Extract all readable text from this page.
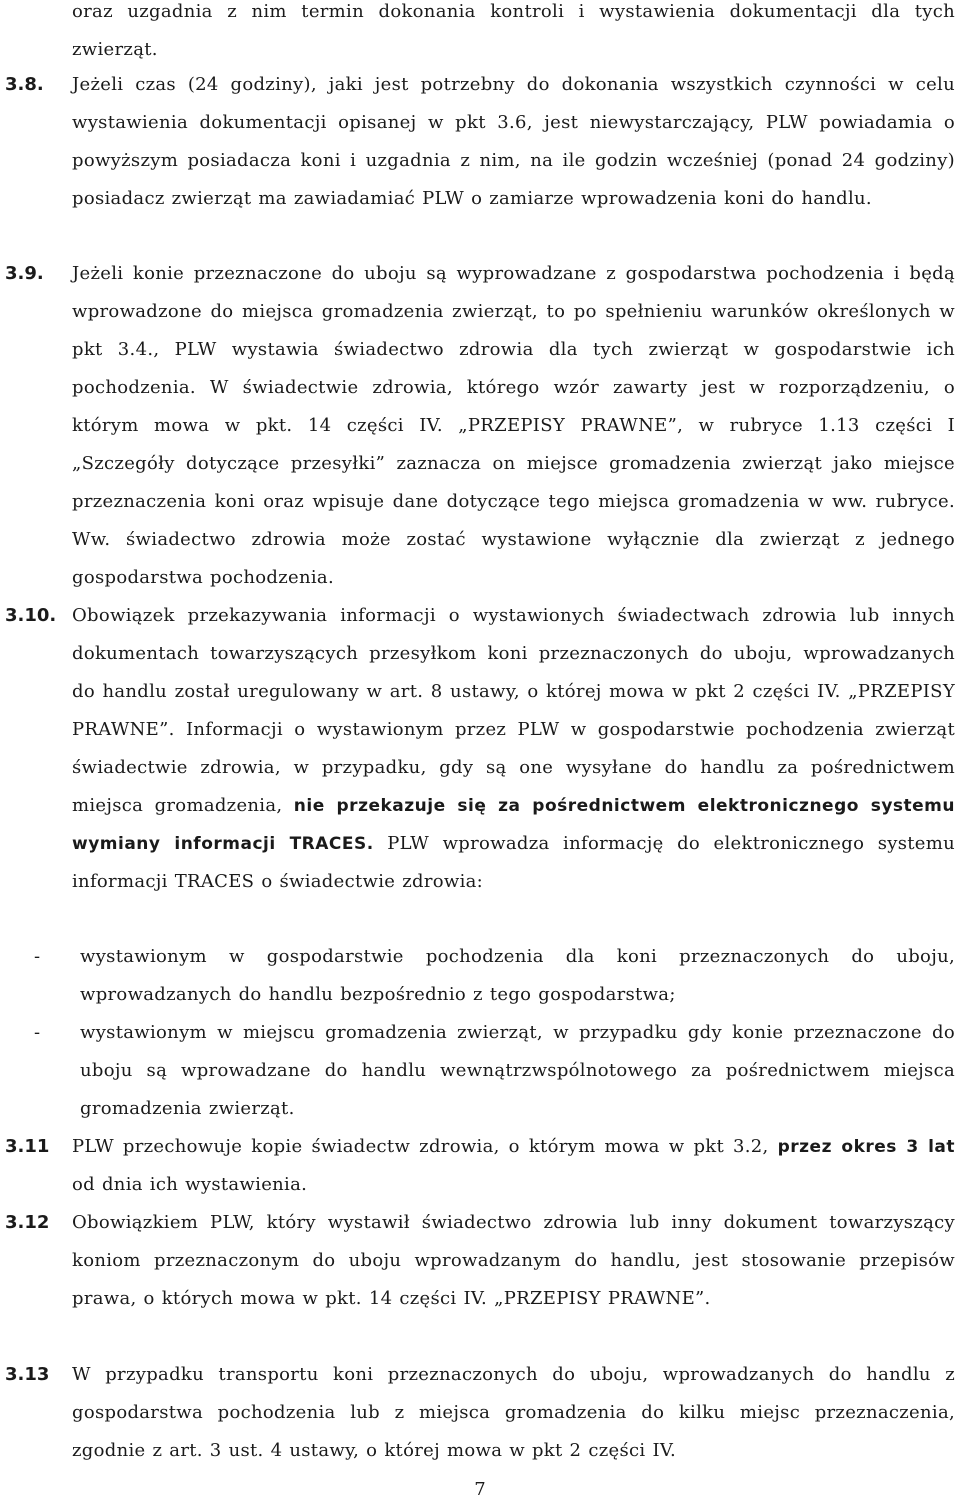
oraz uzgadnia z nim termin dokonania kontroli i wystawienia dokumentacji dla tych zwierząt.
3.8. Jeżeli czas (24 godziny), jaki jest potrzebny do dokonania wszystkich czynności w celu wystawienia dokumentacji opisanej w pkt 3.6, jest niewystarczający, PLW powiadamia o powyższym posiadacza koni i uzgadnia z nim, na ile godzin wcześniej (ponad 24 godziny) posiadacz zwierząt ma zawiadamiać PLW o zamiarze wprowadzenia koni do handlu.
3.9. Jeżeli konie przeznaczone do uboju są wyprowadzane z gospodarstwa pochodzenia i będą wprowadzone do miejsca gromadzenia zwierząt, to po spełnieniu warunków określonych w pkt 3.4., PLW wystawia świadectwo zdrowia dla tych zwierząt w gospodarstwie ich pochodzenia. W świadectwie zdrowia, którego wzór zawarty jest w rozporządzeniu, o którym mowa w pkt. 14 części IV. „PRZEPISY PRAWNE”, w rubryce 1.13 części I „Szczegóły dotyczące przesyłki” zaznacza on miejsce gromadzenia zwierząt jako miejsce przeznaczenia koni oraz wpisuje dane dotyczące tego miejsca gromadzenia w ww. rubryce. Ww. świadectwo zdrowia może zostać wystawione wyłącznie dla zwierząt z jednego gospodarstwa pochodzenia.
3.10. Obowiązek przekazywania informacji o wystawionych świadectwach zdrowia lub innych dokumentach towarzyszących przesyłkom koni przeznaczonych do uboju, wprowadzanych do handlu został uregulowany w art. 8 ustawy, o której mowa w pkt 2 części IV. „PRZEPISY PRAWNE”. Informacji o wystawionym przez PLW w gospodarstwie pochodzenia zwierząt świadectwie zdrowia, w przypadku, gdy są one wysyłane do handlu za pośrednictwem miejsca gromadzenia, nie przekazuje się za pośrednictwem elektronicznego systemu wymiany informacji TRACES. PLW wprowadza informację do elektronicznego systemu informacji TRACES o świadectwie zdrowia:
- wystawionym w gospodarstwie pochodzenia dla koni przeznaczonych do uboju, wprowadzanych do handlu bezpośrednio z tego gospodarstwa;
- wystawionym w miejscu gromadzenia zwierząt, w przypadku gdy konie przeznaczone do uboju są wprowadzane do handlu wewnątrzwspólnotowego za pośrednictwem miejsca gromadzenia zwierząt.
3.11 PLW przechowuje kopie świadectw zdrowia, o którym mowa w pkt 3.2, przez okres 3 lat od dnia ich wystawienia.
3.12 Obowiązkiem PLW, który wystawił świadectwo zdrowia lub inny dokument towarzyszący koniom przeznaczonym do uboju wprowadzanym do handlu, jest stosowanie przepisów prawa, o których mowa w pkt. 14 części IV. „PRZEPISY PRAWNE”.
3.13 W przypadku transportu koni przeznaczonych do uboju, wprowadzanych do handlu z gospodarstwa pochodzenia lub z miejsca gromadzenia do kilku miejsc przeznaczenia, zgodnie z art. 3 ust. 4 ustawy, o której mowa w pkt 2 części IV.
7
